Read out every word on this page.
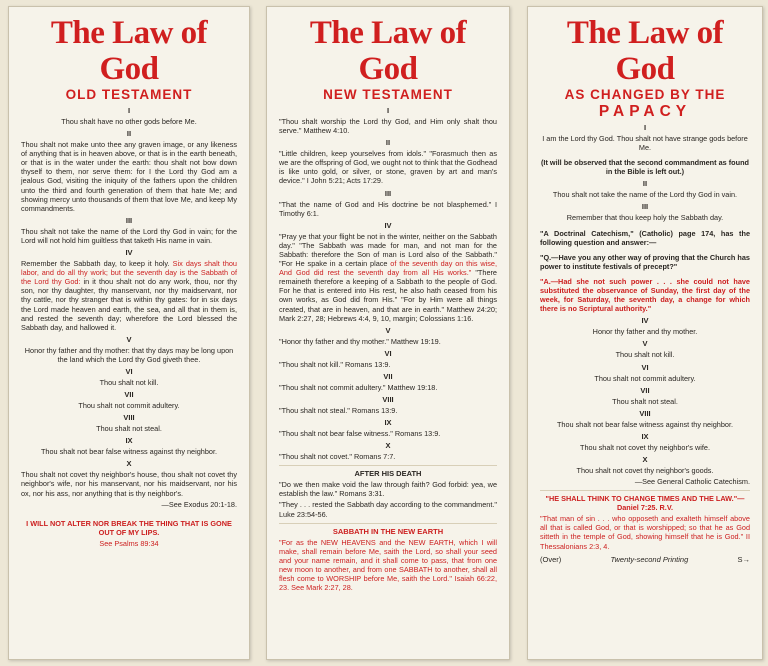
The Law of God
OLD TESTAMENT
I

Thou shalt have no other gods before Me.

II

Thou shalt not make unto thee any graven image, or any likeness of anything that is in heaven above, or that is in the earth beneath, or that is in the water under the earth: thou shalt not bow down thyself to them, nor serve them: for I the Lord thy God am a jealous God, visiting the iniquity of the fathers upon the children unto the third and fourth generation of them that hate Me; and showing mercy unto thousands of them that love Me, and keep My commandments.

III

Thou shalt not take the name of the Lord thy God in vain; for the Lord will not hold him guiltless that taketh His name in vain.

IV

Remember the Sabbath day, to keep it holy. Six days shalt thou labor, and do all thy work; but the seventh day is the Sabbath of the Lord thy God: in it thou shalt not do any work, thou, nor thy son, nor thy daughter, thy manservant, nor thy maidservant, nor thy cattle, nor thy stranger that is within thy gates: for in six days the Lord made heaven and earth, the sea, and all that in them is, and rested the seventh day; wherefore the Lord blessed the Sabbath day, and hallowed it.

V

Honor thy father and thy mother: that thy days may be long upon the land which the Lord thy God giveth thee.

VI

Thou shalt not kill.

VII

Thou shalt not commit adultery.

VIII

Thou shalt not steal.

IX

Thou shalt not bear false witness against thy neighbor.

X

Thou shalt not covet thy neighbor's house, thou shalt not covet thy neighbor's wife, nor his manservant, nor his maidservant, nor his ox, nor his ass, nor anything that is thy neighbor's.

—See Exodus 20:1-18.

I WILL NOT ALTER NOR BREAK THE THING THAT IS GONE OUT OF MY LIPS.

See Psalms 89:34

The Law of God
NEW TESTAMENT
I

"Thou shalt worship the Lord thy God, and Him only shalt thou serve." Matthew 4:10.

II

"Little children, keep yourselves from idols." "Forasmuch then as we are the offspring of God, we ought not to think that the Godhead is like unto gold, or silver, or stone, graven by art and man's device." I John 5:21; Acts 17:29.

III

"That the name of God and His doctrine be not blasphemed." I Timothy 6:1.

IV

"Pray ye that your flight be not in the winter, neither on the Sabbath day." "The Sabbath was made for man, and not man for the Sabbath: therefore the Son of man is Lord also of the Sabbath." "For He spake in a certain place of the seventh day on this wise, And God did rest the seventh day from all His works." "There remaineth therefore a keeping of a Sabbath to the people of God. For he that is entered into His rest, he also hath ceased from his own works, as God did from His." "For by Him were all things created, that are in heaven, and that are in earth." Matthew 24:20; Mark 2:27, 28; Hebrews 4:4, 9, 10, margin; Colossians 1:16.

V

"Honor thy father and thy mother." Matthew 19:19.

VI

"Thou shalt not kill." Romans 13:9.

VII

"Thou shalt not commit adultery." Matthew 19:18.

VIII

"Thou shalt not steal." Romans 13:9.

IX

"Thou shalt not bear false witness." Romans 13:9.

X

"Thou shalt not covet." Romans 7:7.

AFTER HIS DEATH

"Do we then make void the law through faith? God forbid: yea, we establish the law." Romans 3:31.

"They . . . rested the Sabbath day according to the commandment." Luke 23:54-56.

SABBATH IN THE NEW EARTH

"For as the NEW HEAVENS and the NEW EARTH, which I will make, shall remain before Me, saith the Lord, so shall your seed and your name remain, and it shall come to pass, that from one new moon to another, and from one SABBATH to another, shall all flesh come to WORSHIP before Me, saith the Lord." Isaiah 66:22, 23. See Mark 2:27, 28.

The Law of God
AS CHANGED BY THE
PAPACY
I

I am the Lord thy God. Thou shalt not have strange gods before Me.

(It will be observed that the second commandment as found in the Bible is left out.)

II

Thou shalt not take the name of the Lord thy God in vain.

III

Remember that thou keep holy the Sabbath day.

"A Doctrinal Catechism," (Catholic) page 174, has the following question and answer:—

"Q.—Have you any other way of proving that the Church has power to institute festivals of precept?"

"A.—Had she not such power . . . she could not have substituted the observance of Sunday, the first day of the week, for Saturday, the seventh day, a change for which there is no Scriptural authority."

IV

Honor thy father and thy mother.

V

Thou shalt not kill.

VI

Thou shalt not commit adultery.

VII

Thou shalt not steal.

VIII

Thou shalt not bear false witness against thy neighbor.

IX

Thou shalt not covet thy neighbor's wife.

X

Thou shalt not covet thy neighbor's goods.

—See General Catholic Catechism.

"HE SHALL THINK TO CHANGE TIMES AND THE LAW."—Daniel 7:25. R.V.

"That man of sin . . . who opposeth and exalteth himself above all that is called God, or that is worshipped; so that he as God sitteth in the temple of God, showing himself that he is God." II Thessalonians 2:3, 4.

(Over)	Twenty-second Printing	S→
